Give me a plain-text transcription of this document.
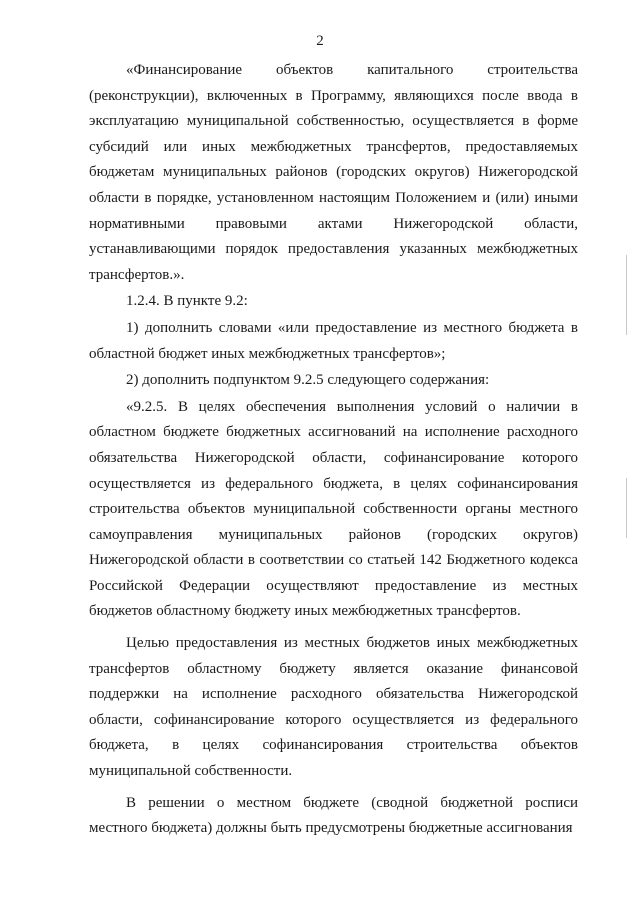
2

«Финансирование объектов капитального строительства (реконструкции), включенных в Программу, являющихся после ввода в эксплуатацию муниципальной собственностью, осуществляется в форме субсидий или иных межбюджетных трансфертов, предоставляемых бюджетам муниципальных районов (городских округов) Нижегородской области в порядке, установленном настоящим Положением и (или) иными нормативными правовыми актами Нижегородской области, устанавливающими порядок предоставления указанных межбюджетных трансфертов.».

1.2.4. В пункте 9.2:

1) дополнить словами «или предоставление из местного бюджета в областной бюджет иных межбюджетных трансфертов»;

2) дополнить подпунктом 9.2.5 следующего содержания:

«9.2.5. В целях обеспечения выполнения условий о наличии в областном бюджете бюджетных ассигнований на исполнение расходного обязательства Нижегородской области, софинансирование которого осуществляется из федерального бюджета, в целях софинансирования строительства объектов муниципальной собственности органы местного самоуправления муниципальных районов (городских округов) Нижегородской области в соответствии со статьей 142 Бюджетного кодекса Российской Федерации осуществляют предоставление из местных бюджетов областному бюджету иных межбюджетных трансфертов.

Целью предоставления из местных бюджетов иных межбюджетных трансфертов областному бюджету является оказание финансовой поддержки на исполнение расходного обязательства Нижегородской области, софинансирование которого осуществляется из федерального бюджета, в целях софинансирования строительства объектов муниципальной собственности.

В решении о местном бюджете (сводной бюджетной росписи местного бюджета) должны быть предусмотрены бюджетные ассигнования
